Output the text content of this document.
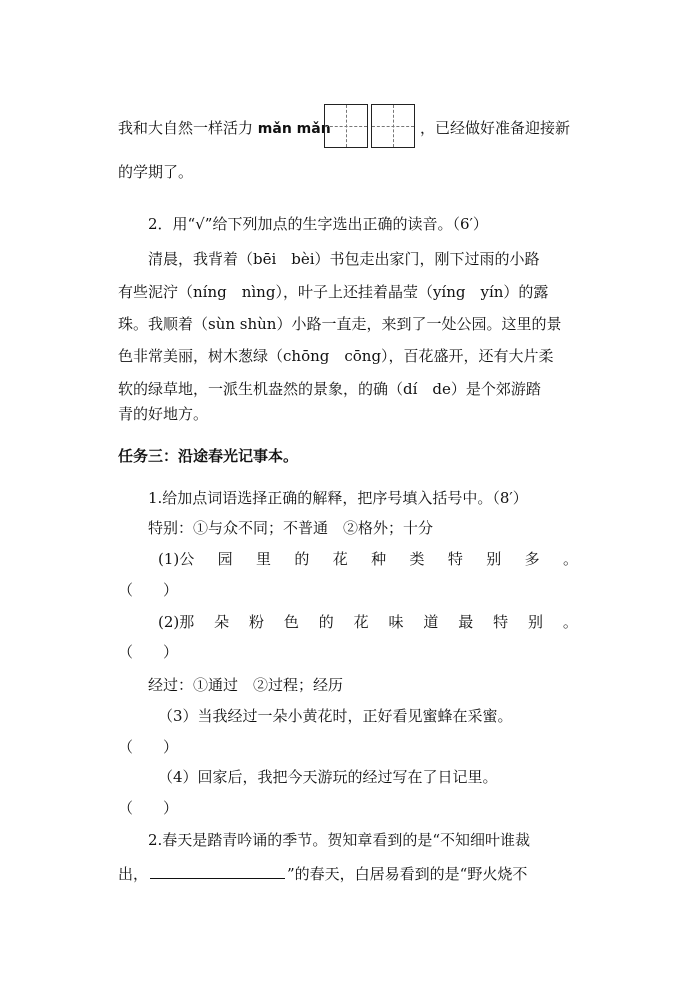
我和大自然一样活力 mǎn mǎn	，已经做好准备迎接新
的学期了。
2．用“√”给下列加点的生字选出正确的读音。（6′）
清晨，我背着（bēi　bèi）书包走出家门，刚下过雨的小路
有些泥泞（níng　nìng），叶子上还挂着晶莹（yíng　yín）的露
珠。我顺着（sùn shùn）小路一直走，来到了一处公园。这里的景
色非常美丽，树木葱绿（chōng　cōng），百花盛开，还有大片柔
软的绿草地，一派生机盎然的景象，的确（dí　de）是个郊游踏
青的好地方。
任务三：沿途春光记事本。
1.给加点词语选择正确的解释，把序号填入括号中。（8′）
特别：①与众不同；不普通　②格外；十分
(1)公 园 里 的 花 种 类 特 别 多 。
（　　）
(2)那 朵 粉 色 的 花 味 道 最 特 别 。
（　　）
经过：①通过　②过程；经历
（3）当我经过一朵小黄花时，正好看见蜜蜂在采蜜。
（　　）
（4）回家后，我把今天游玩的经过写在了日记里。
（　　）
2.春天是踏青吟诵的季节。贺知章看到的是“不知细叶谁裁
出，	”的春天，白居易看到的是“野火烧不
